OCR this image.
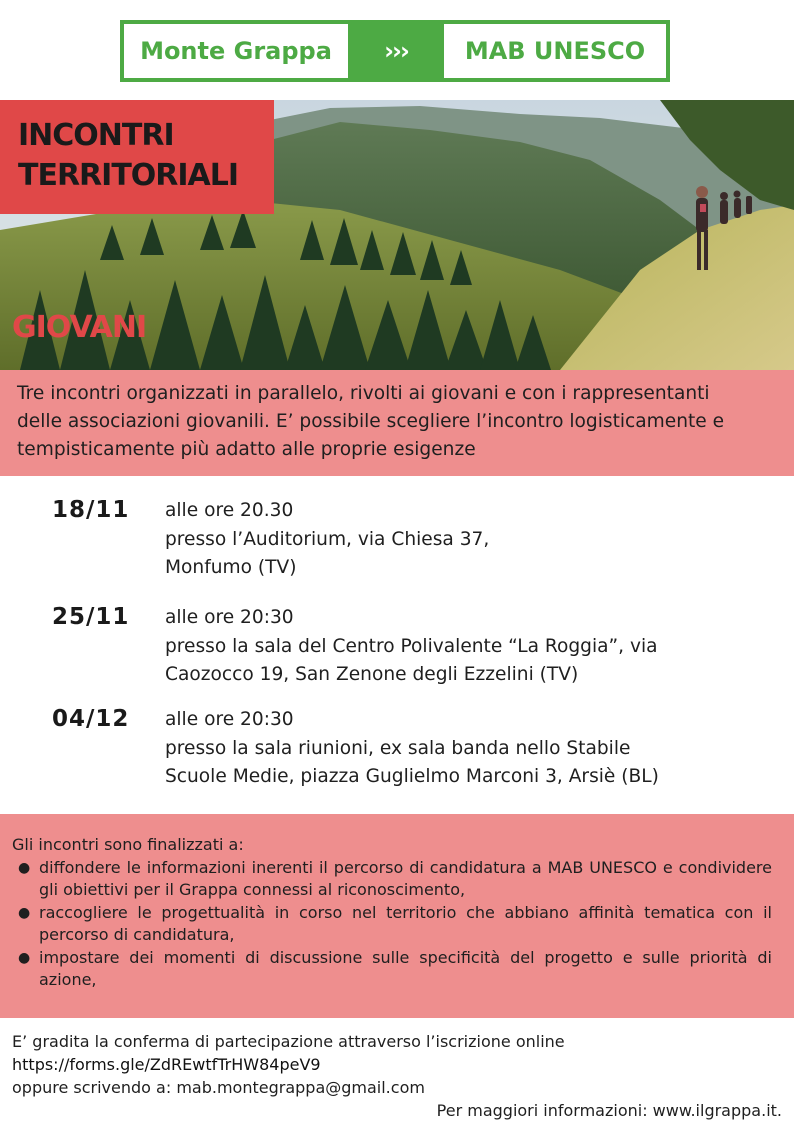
Monte Grappa	›››	MAB UNESCO
INCONTRI
TERRITORIALI
GIOVANI

Tre incontri organizzati in parallelo, rivolti ai giovani e con i rappresentanti

delle associazioni giovanili. E’ possibile scegliere l’incontro logisticamente e

tempisticamente più adatto alle proprie esigenze

18/11 alle ore 20.30
presso l’Auditorium, via Chiesa 37,
Monfumo (TV)
25/11 alle ore 20:30
presso la sala del Centro Polivalente “La Roggia”, via
Caozocco 19, San Zenone degli Ezzelini (TV)
04/12 alle ore 20:30
presso la sala riunioni, ex sala banda nello Stabile
Scuole Medie, piazza Guglielmo Marconi 3, Arsiè (BL)
Gli incontri sono finalizzati a:
● diffondere le informazioni inerenti il percorso di candidatura a MAB UNESCO e condividere gli obiettivi per il Grappa connessi al riconoscimento,
● raccogliere le progettualità in corso nel territorio che abbiano affinità tematica con il percorso di candidatura,
● impostare dei momenti di discussione sulle specificità del progetto e sulle priorità di azione,
E’ gradita la conferma di partecipazione attraverso l’iscrizione online
https://forms.gle/ZdREwtfTrHW84peV9
oppure scrivendo a: mab.montegrappa@gmail.com
Per maggiori informazioni: www.ilgrappa.it.
